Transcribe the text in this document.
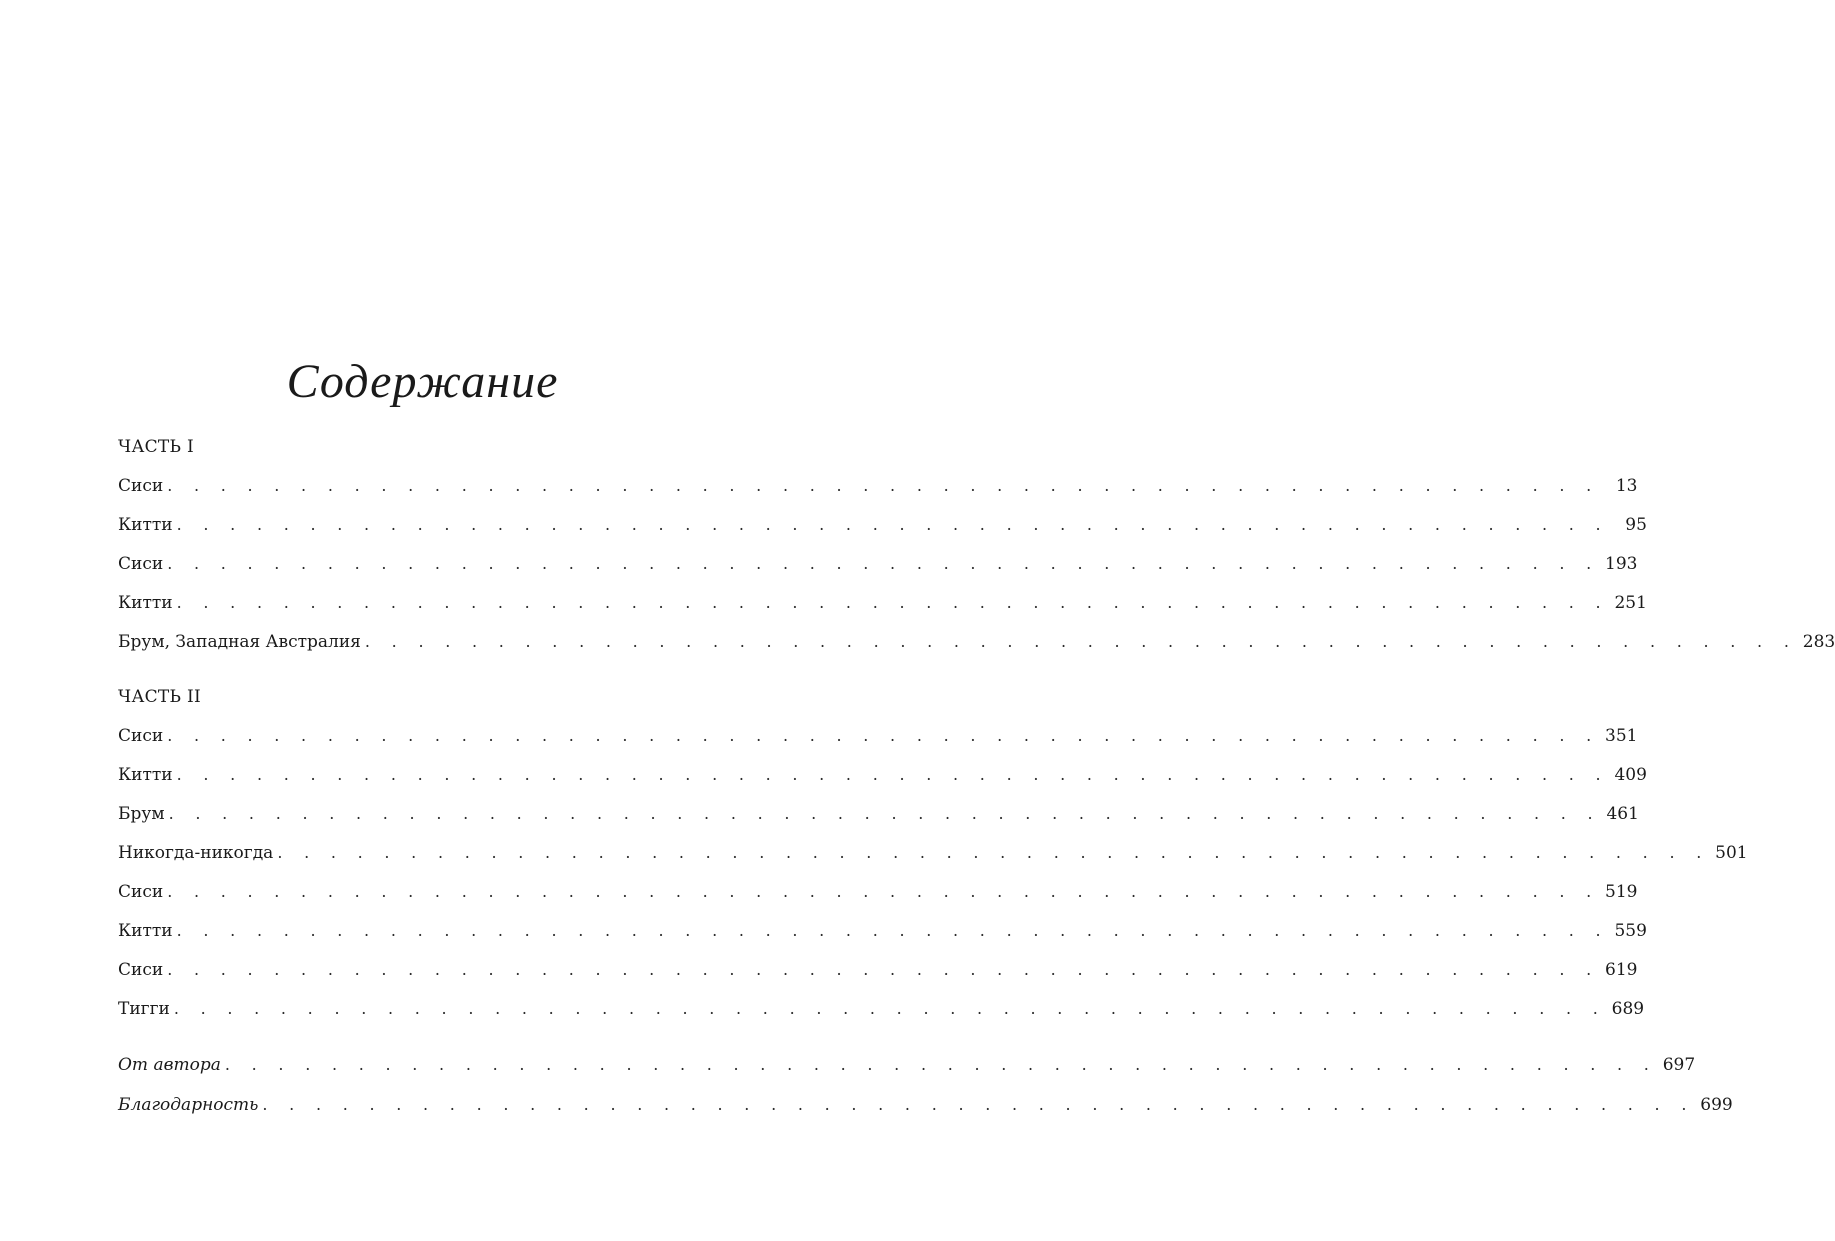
Содержание
ЧАСТЬ I
Сиси . . . . . . . . . . . . . . . . . . . . . . . . . . . . . . . . . . . . . . . . . . . . . . . . . . . . . . 13
Китти . . . . . . . . . . . . . . . . . . . . . . . . . . . . . . . . . . . . . . . . . . . . . . . . . . . . . . 95
Сиси . . . . . . . . . . . . . . . . . . . . . . . . . . . . . . . . . . . . . . . . . . . . . . . . . . . . . . 193
Китти . . . . . . . . . . . . . . . . . . . . . . . . . . . . . . . . . . . . . . . . . . . . . . . . . . . . . . 251
Брум, Западная Австралия . . . . . . . . . . . . . . . . . . . . . . . . . . . . . . . . . . . . . . . . . . . . . . . . . . . . . . 283
ЧАСТЬ II
Сиси . . . . . . . . . . . . . . . . . . . . . . . . . . . . . . . . . . . . . . . . . . . . . . . . . . . . . . 351
Китти . . . . . . . . . . . . . . . . . . . . . . . . . . . . . . . . . . . . . . . . . . . . . . . . . . . . . . 409
Брум . . . . . . . . . . . . . . . . . . . . . . . . . . . . . . . . . . . . . . . . . . . . . . . . . . . . . . 461
Никогда-никогда . . . . . . . . . . . . . . . . . . . . . . . . . . . . . . . . . . . . . . . . . . . . . . . . . . . . . . 501
Сиси . . . . . . . . . . . . . . . . . . . . . . . . . . . . . . . . . . . . . . . . . . . . . . . . . . . . . . 519
Китти . . . . . . . . . . . . . . . . . . . . . . . . . . . . . . . . . . . . . . . . . . . . . . . . . . . . . . 559
Сиси . . . . . . . . . . . . . . . . . . . . . . . . . . . . . . . . . . . . . . . . . . . . . . . . . . . . . . 619
Тигги . . . . . . . . . . . . . . . . . . . . . . . . . . . . . . . . . . . . . . . . . . . . . . . . . . . . . . 689
От автора . . . . . . . . . . . . . . . . . . . . . . . . . . . . . . . . . . . . . . . . . . . . . . . . . . . . . . 697
Благодарность . . . . . . . . . . . . . . . . . . . . . . . . . . . . . . . . . . . . . . . . . . . . . . . . . . . . . . 699
